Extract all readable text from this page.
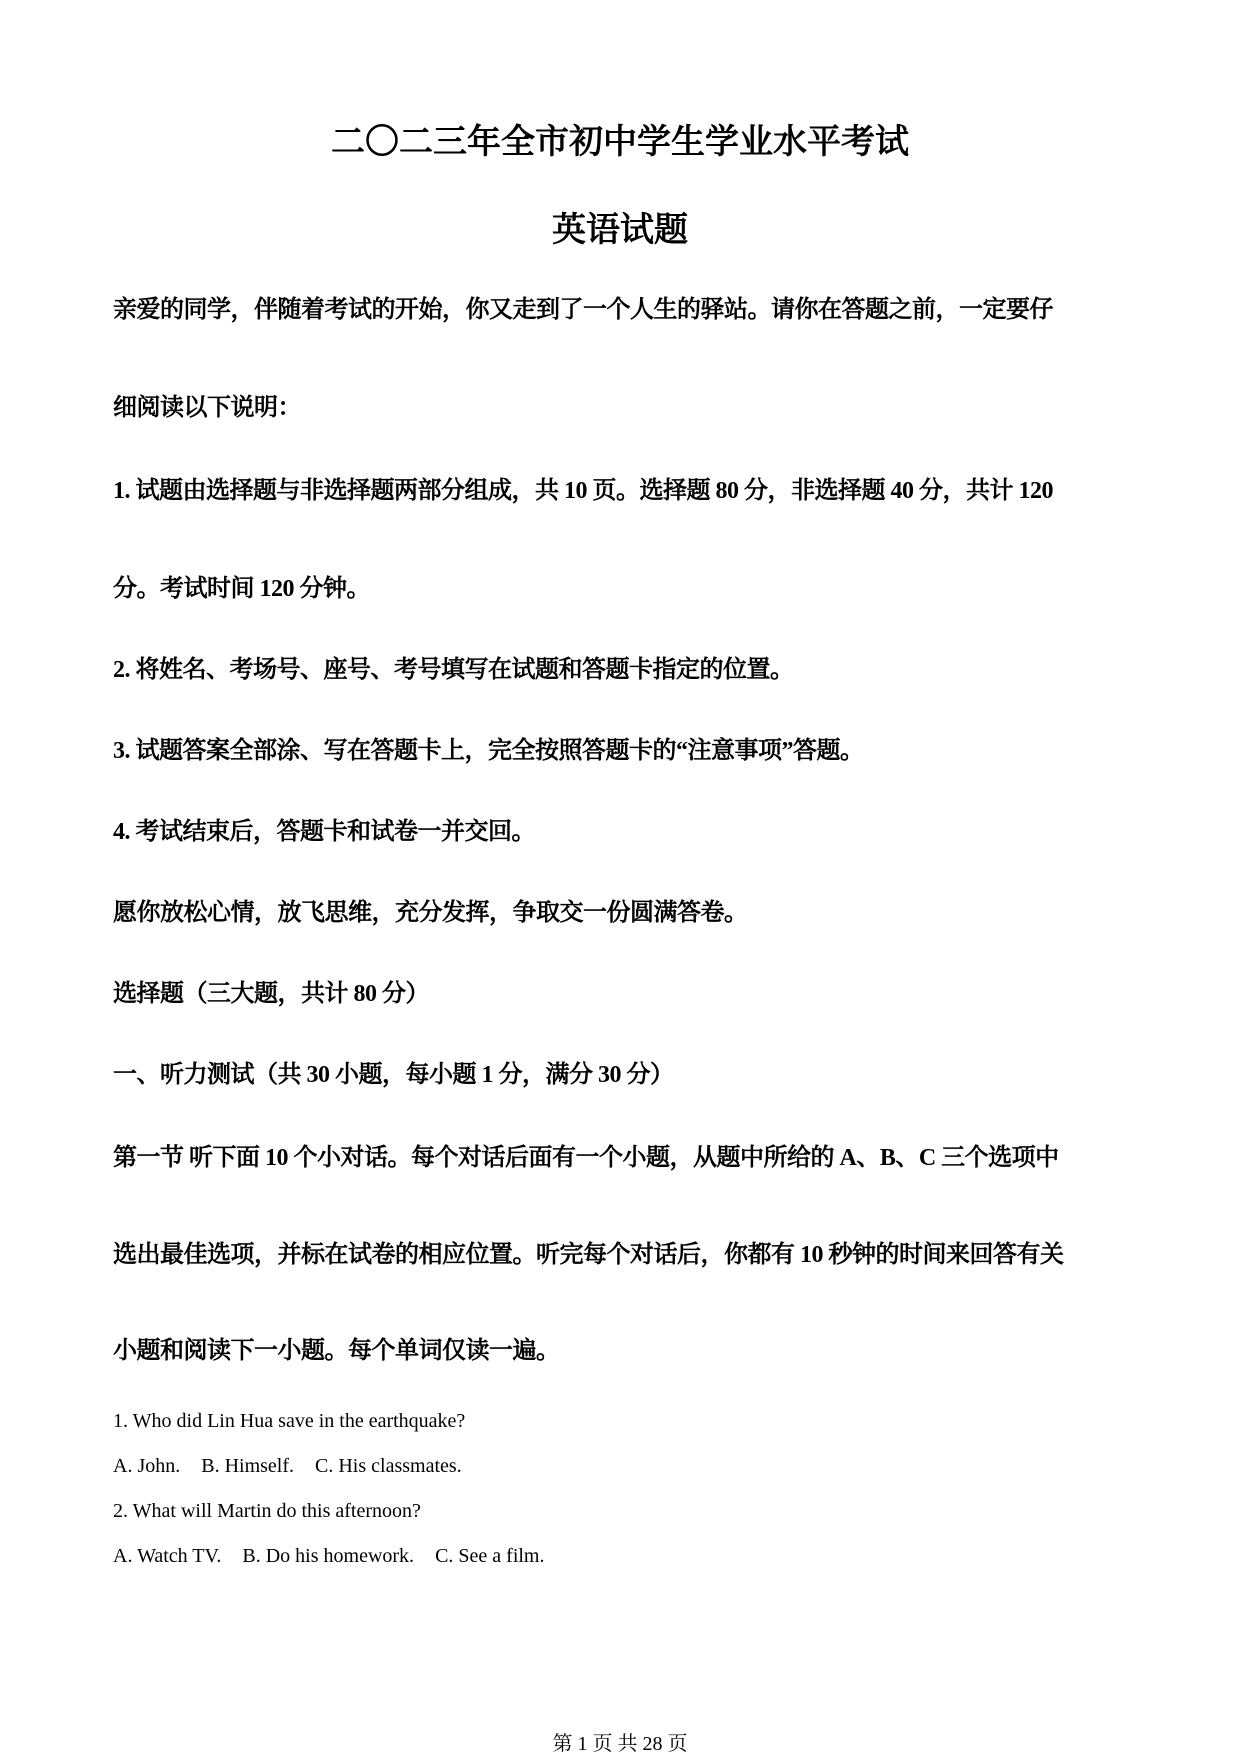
二〇二三年全市初中学生学业水平考试
英语试题
亲爱的同学，伴随着考试的开始，你又走到了一个人生的驿站。请你在答题之前，一定要仔
细阅读以下说明：
1. 试题由选择题与非选择题两部分组成，共 10 页。选择题 80 分，非选择题 40 分，共计 120
分。考试时间 120 分钟。
2. 将姓名、考场号、座号、考号填写在试题和答题卡指定的位置。
3. 试题答案全部涂、写在答题卡上，完全按照答题卡的“注意事项”答题。
4. 考试结束后，答题卡和试卷一并交回。
愿你放松心情，放飞思维，充分发挥，争取交一份圆满答卷。
选择题（三大题，共计 80 分）
一、听力测试（共 30 小题，每小题 1 分，满分 30 分）
第一节 听下面 10 个小对话。每个对话后面有一个小题，从题中所给的 A、B、C 三个选项中
选出最佳选项，并标在试卷的相应位置。听完每个对话后，你都有 10 秒钟的时间来回答有关
小题和阅读下一小题。每个单词仅读一遍。
1. Who did Lin Hua save in the earthquake?
A. John. B. Himself. C. His classmates.
2. What will Martin do this afternoon?
A. Watch TV. B. Do his homework. C. See a film.
第 1 页 共 28 页
